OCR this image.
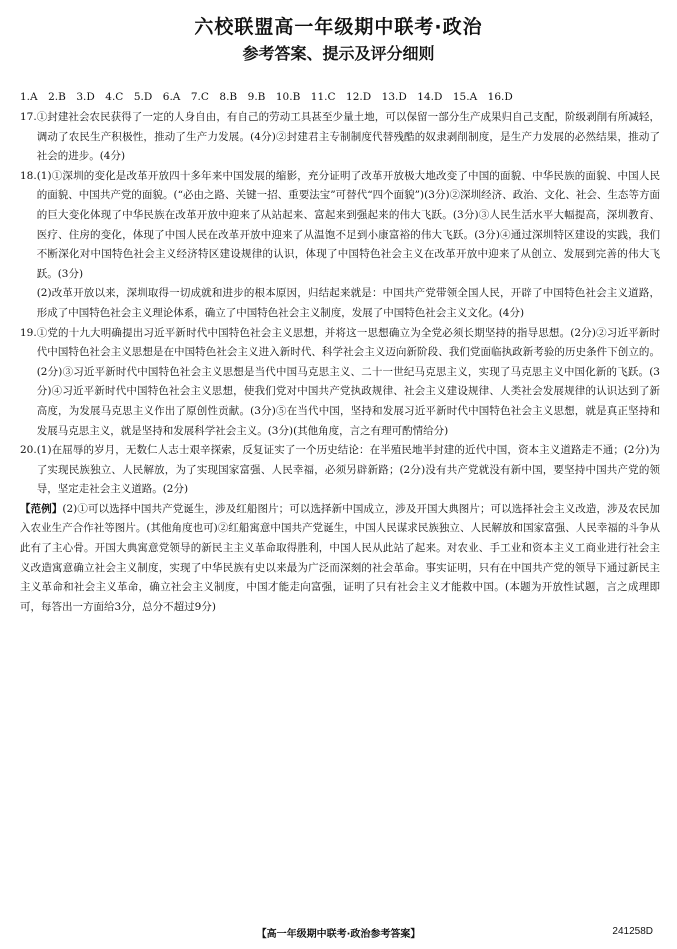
六校联盟高一年级期中联考·政治
参考答案、提示及评分细则
1.A　2.B　3.D　4.C　5.D　6.A　7.C　8.B　9.B　10.B　11.C　12.D　13.D　14.D　15.A　16.D
17. ①封建社会农民获得了一定的人身自由，有自己的劳动工具甚至少量土地，可以保留一部分生产成果归自己支配，阶级剥削有所减轻，调动了农民生产积极性，推动了生产力发展。(4分)②封建君主专制制度代替残酷的奴隶剥削制度，是生产力发展的必然结果，推动了社会的进步。(4分)

18. (1)①深圳的变化是改革开放四十多年来中国发展的缩影，充分证明了改革开放极大地改变了中国的面貌、中华民族的面貌、中国人民的面貌、中国共产党的面貌。(“必由之路、关键一招、重要法宝”可替代“四个面貌”)(3分)②深圳经济、政治、文化、社会、生态等方面的巨大变化体现了中华民族在改革开放中迎来了从站起来、富起来到强起来的伟大飞跃。(3分)③人民生活水平大幅提高，深圳教育、医疗、住房的变化，体现了中国人民在改革开放中迎来了从温饱不足到小康富裕的伟大飞跃。(3分)④通过深圳特区建设的实践，我们不断深化对中国特色社会主义经济特区建设规律的认识，体现了中国特色社会主义在改革开放中迎来了从创立、发展到完善的伟大飞跃。(3分)

(2)改革开放以来，深圳取得一切成就和进步的根本原因，归结起来就是：中国共产党带领全国人民，开辟了中国特色社会主义道路，形成了中国特色社会主义理论体系，确立了中国特色社会主义制度，发展了中国特色社会主义文化。(4分)

19. ①党的十九大明确提出习近平新时代中国特色社会主义思想，并将这一思想确立为全党必须长期坚持的指导思想。(2分)②习近平新时代中国特色社会主义思想是在中国特色社会主义进入新时代、科学社会主义迈向新阶段、我们党面临执政新考验的历史条件下创立的。(2分)③习近平新时代中国特色社会主义思想是当代中国马克思主义、二十一世纪马克思主义，实现了马克思主义中国化新的飞跃。(3分)④习近平新时代中国特色社会主义思想，使我们党对中国共产党执政规律、社会主义建设规律、人类社会发展规律的认识达到了新高度，为发展马克思主义作出了原创性贡献。(3分)⑤在当代中国，坚持和发展习近平新时代中国特色社会主义思想，就是真正坚持和发展马克思主义，就是坚持和发展科学社会主义。(3分)(其他角度，言之有理可酌情给分)

20. (1)在屈辱的岁月，无数仁人志士艰辛探索，反复证实了一个历史结论：在半殖民地半封建的近代中国，资本主义道路走不通；(2分)为了实现民族独立、人民解放，为了实现国家富强、人民幸福，必须另辟新路；(2分)没有共产党就没有新中国，要坚持中国共产党的领导，坚定走社会主义道路。(2分)

【范例】(2)①可以选择中国共产党诞生，涉及红船图片；可以选择新中国成立，涉及开国大典图片；可以选择社会主义改造，涉及农民加入农业生产合作社等图片。(其他角度也可)②红船寓意中国共产党诞生，中国人民谋求民族独立、人民解放和国家富强、人民幸福的斗争从此有了主心骨。开国大典寓意党领导的新民主主义革命取得胜利，中国人民从此站了起来。对农业、手工业和资本主义工商业进行社会主义改造寓意确立社会主义制度，实现了中华民族有史以来最为广泛而深刻的社会革命。事实证明，只有在中国共产党的领导下通过新民主主义革命和社会主义革命，确立社会主义制度，中国才能走向富强，证明了只有社会主义才能救中国。(本题为开放性试题，言之成理即可，每答出一方面给3分，总分不超过9分)

【高一年级期中联考·政治参考答案】	241258D
